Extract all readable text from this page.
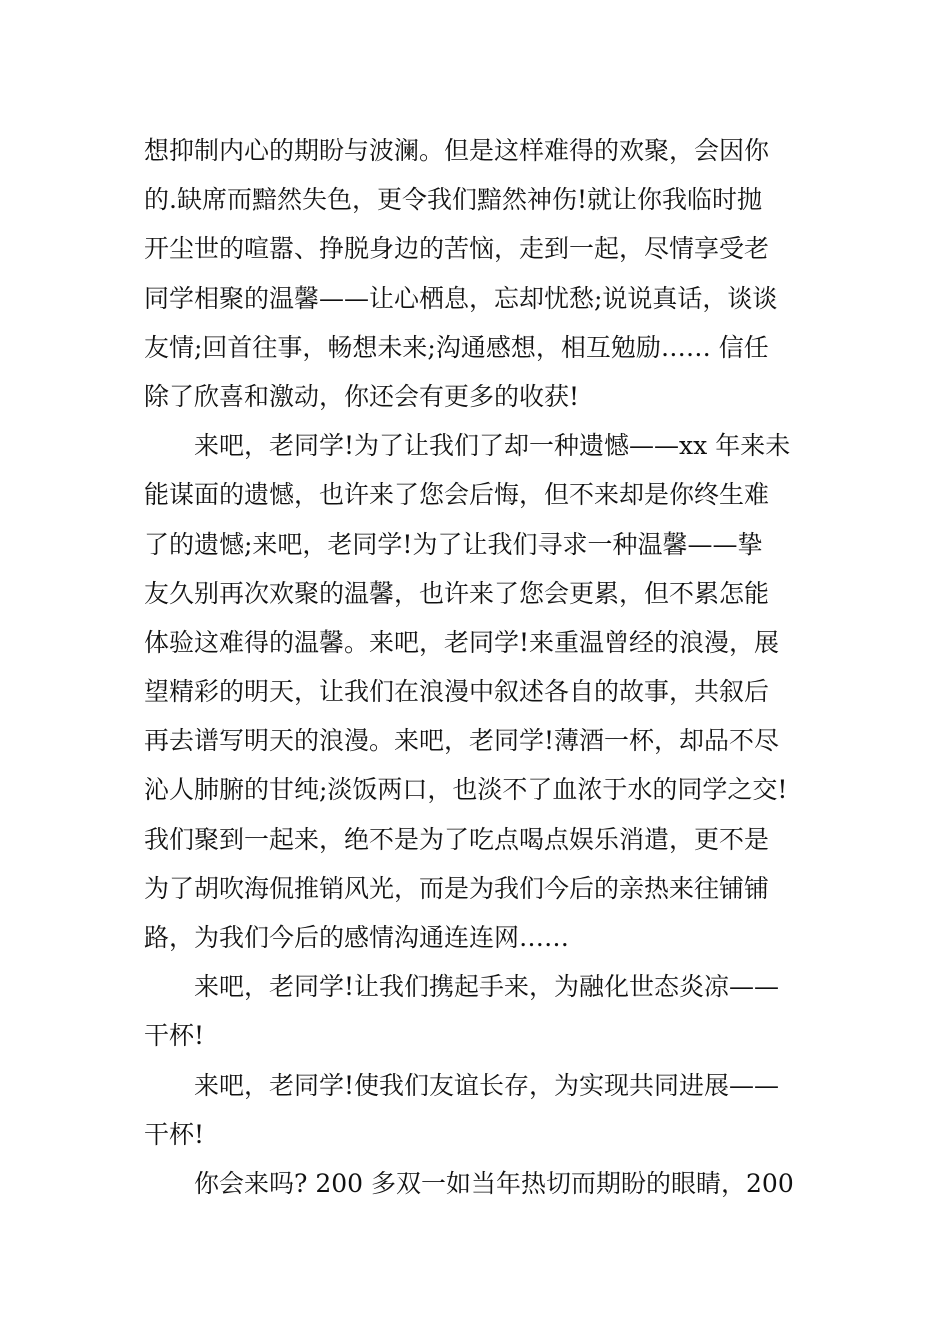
想抑制内心的期盼与波澜。但是这样难得的欢聚，会因你
的.缺席而黯然失色，更令我们黯然神伤!就让你我临时抛
开尘世的喧嚣、挣脱身边的苦恼，走到一起，尽情享受老
同学相聚的温馨——让心栖息，忘却忧愁;说说真话，谈谈
友情;回首往事，畅想未来;沟通感想，相互勉励…… 信任
除了欣喜和激动，你还会有更多的收获!
来吧，老同学!为了让我们了却一种遗憾——xx 年来未
能谋面的遗憾，也许来了您会后悔，但不来却是你终生难
了的遗憾;来吧，老同学!为了让我们寻求一种温馨——挚
友久别再次欢聚的温馨，也许来了您会更累，但不累怎能
体验这难得的温馨。来吧，老同学!来重温曾经的浪漫，展
望精彩的明天，让我们在浪漫中叙述各自的故事，共叙后
再去谱写明天的浪漫。来吧，老同学!薄酒一杯，却品不尽
沁人肺腑的甘纯;淡饭两口，也淡不了血浓于水的同学之交!
我们聚到一起来，绝不是为了吃点喝点娱乐消遣，更不是
为了胡吹海侃推销风光，而是为我们今后的亲热来往铺铺
路，为我们今后的感情沟通连连网……
来吧，老同学!让我们携起手来，为融化世态炎凉——
干杯!
来吧，老同学!使我们友谊长存，为实现共同进展——
干杯!
你会来吗? 200 多双一如当年热切而期盼的眼睛，200
